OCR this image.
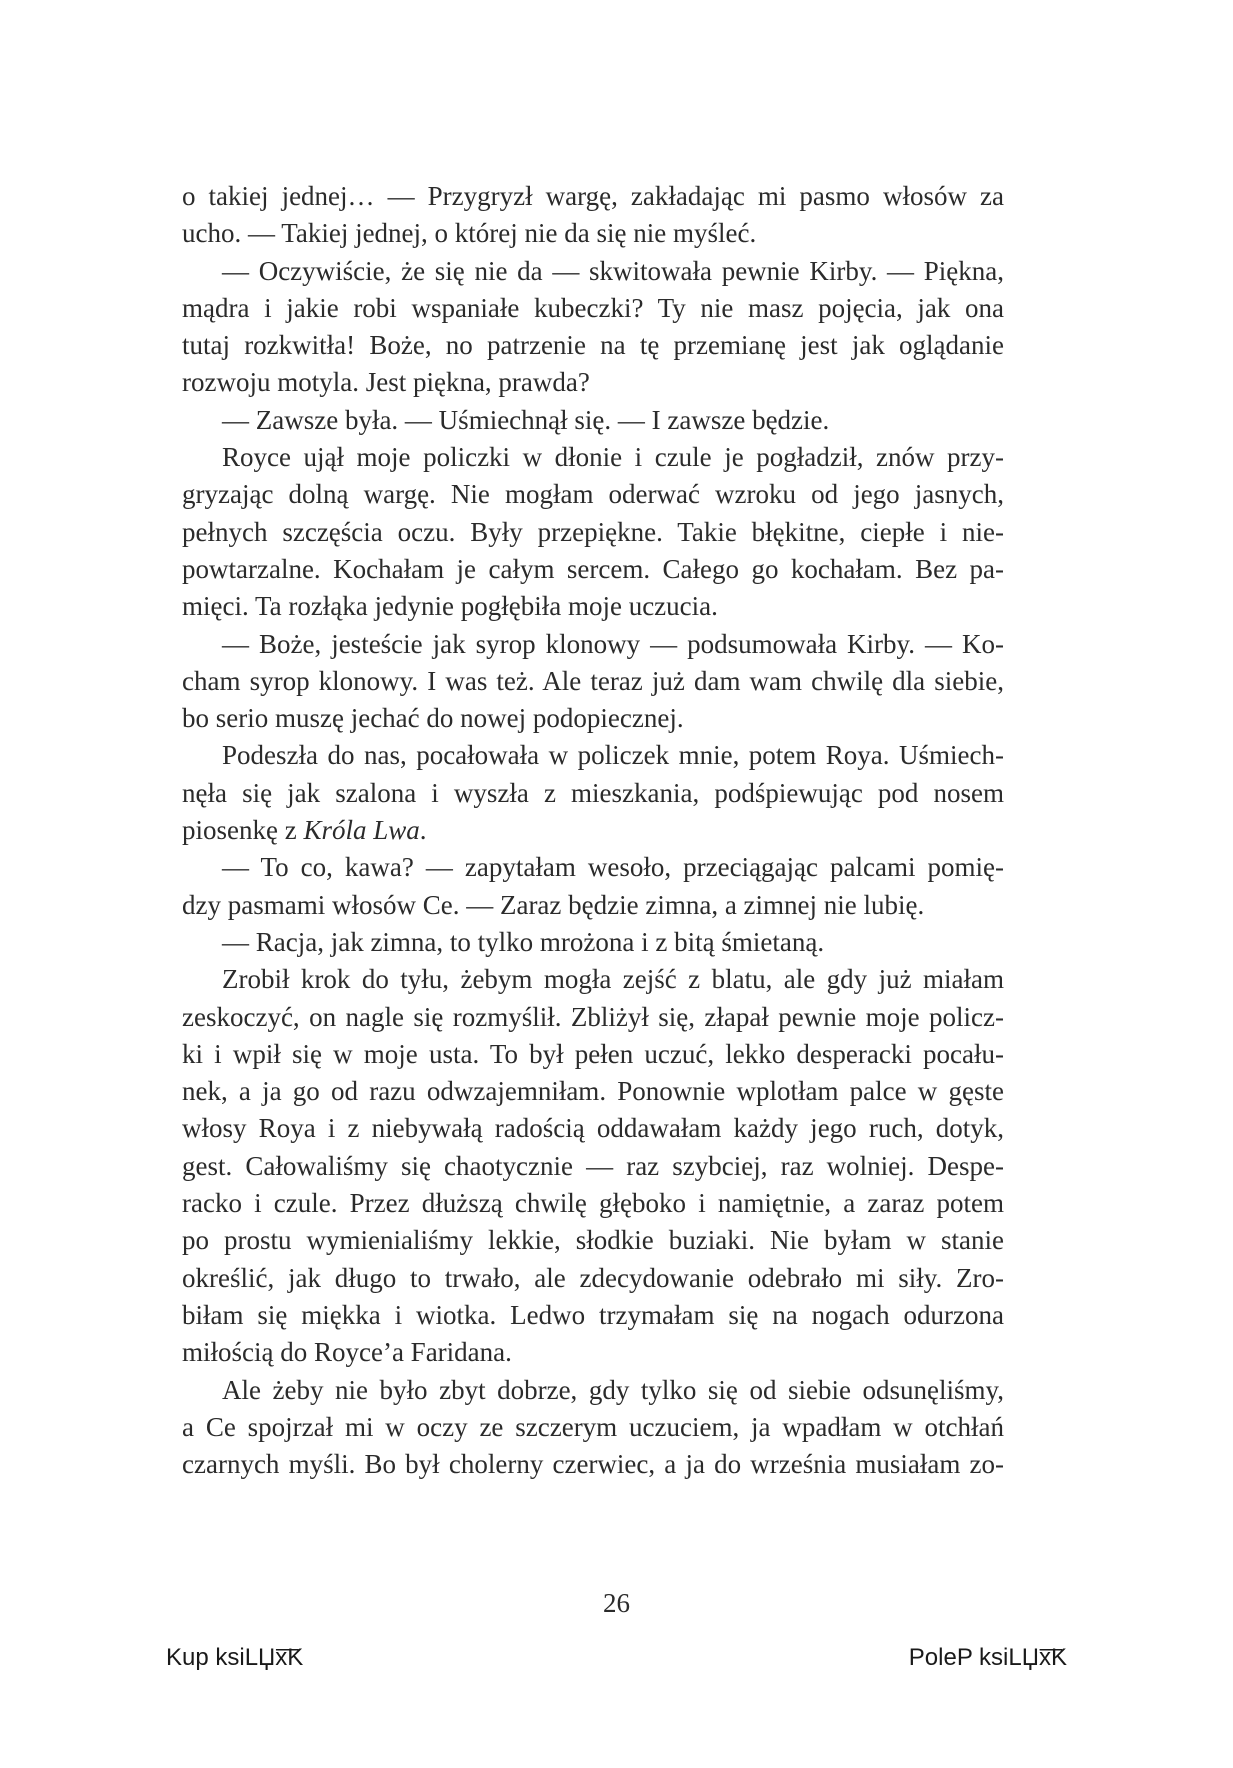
o takiej jednej… — Przygryzł wargę, zakładając mi pasmo włosów za
ucho. — Takiej jednej, o której nie da się nie myśleć.
— Oczywiście, że się nie da — skwitowała pewnie Kirby. — Piękna,
mądra i jakie robi wspaniałe kubeczki? Ty nie masz pojęcia, jak ona
tutaj rozkwitła! Boże, no patrzenie na tę przemianę jest jak oglądanie
rozwoju motyla. Jest piękna, prawda?
— Zawsze była. — Uśmiechnął się. — I zawsze będzie.
Royce ujął moje policzki w dłonie i czule je pogładził, znów przy-
gryzając dolną wargę. Nie mogłam oderwać wzroku od jego jasnych,
pełnych szczęścia oczu. Były przepiękne. Takie błękitne, ciepłe i nie-
powtarzalne. Kochałam je całym sercem. Całego go kochałam. Bez pa-
mięci. Ta rozłąka jedynie pogłębiła moje uczucia.
— Boże, jesteście jak syrop klonowy — podsumowała Kirby. — Ko-
cham syrop klonowy. I was też. Ale teraz już dam wam chwilę dla siebie,
bo serio muszę jechać do nowej podopiecznej.
Podeszła do nas, pocałowała w policzek mnie, potem Roya. Uśmiech-
nęła się jak szalona i wyszła z mieszkania, podśpiewując pod nosem
piosenkę z Króla Lwa.
— To co, kawa? — zapytałam wesoło, przeciągając palcami pomię-
dzy pasmami włosów Ce. — Zaraz będzie zimna, a zimnej nie lubię.
— Racja, jak zimna, to tylko mrożona i z bitą śmietaną.
Zrobił krok do tyłu, żebym mogła zejść z blatu, ale gdy już miałam
zeskoczyć, on nagle się rozmyślił. Zbliżył się, złapał pewnie moje policz-
ki i wpił się w moje usta. To był pełen uczuć, lekko desperacki pocału-
nek, a ja go od razu odwzajemniłam. Ponownie wplotłam palce w gęste
włosy Roya i z niebywałą radością oddawałam każdy jego ruch, dotyk,
gest. Całowaliśmy się chaotycznie — raz szybciej, raz wolniej. Despe-
racko i czule. Przez dłuższą chwilę głęboko i namiętnie, a zaraz potem
po prostu wymienialiśmy lekkie, słodkie buziaki. Nie byłam w stanie
określić, jak długo to trwało, ale zdecydowanie odebrało mi siły. Zro-
biłam się miękka i wiotka. Ledwo trzymałam się na nogach odurzona
miłością do Royce’a Faridana.
Ale żeby nie było zbyt dobrze, gdy tylko się od siebie odsunęliśmy,
a Ce spojrzał mi w oczy ze szczerym uczuciem, ja wpadłam w otchłań
czarnych myśli. Bo był cholerny czerwiec, a ja do września musiałam zo-
26
Kup ksiLЏx͞K	PoleP ksiLЏx͞K
